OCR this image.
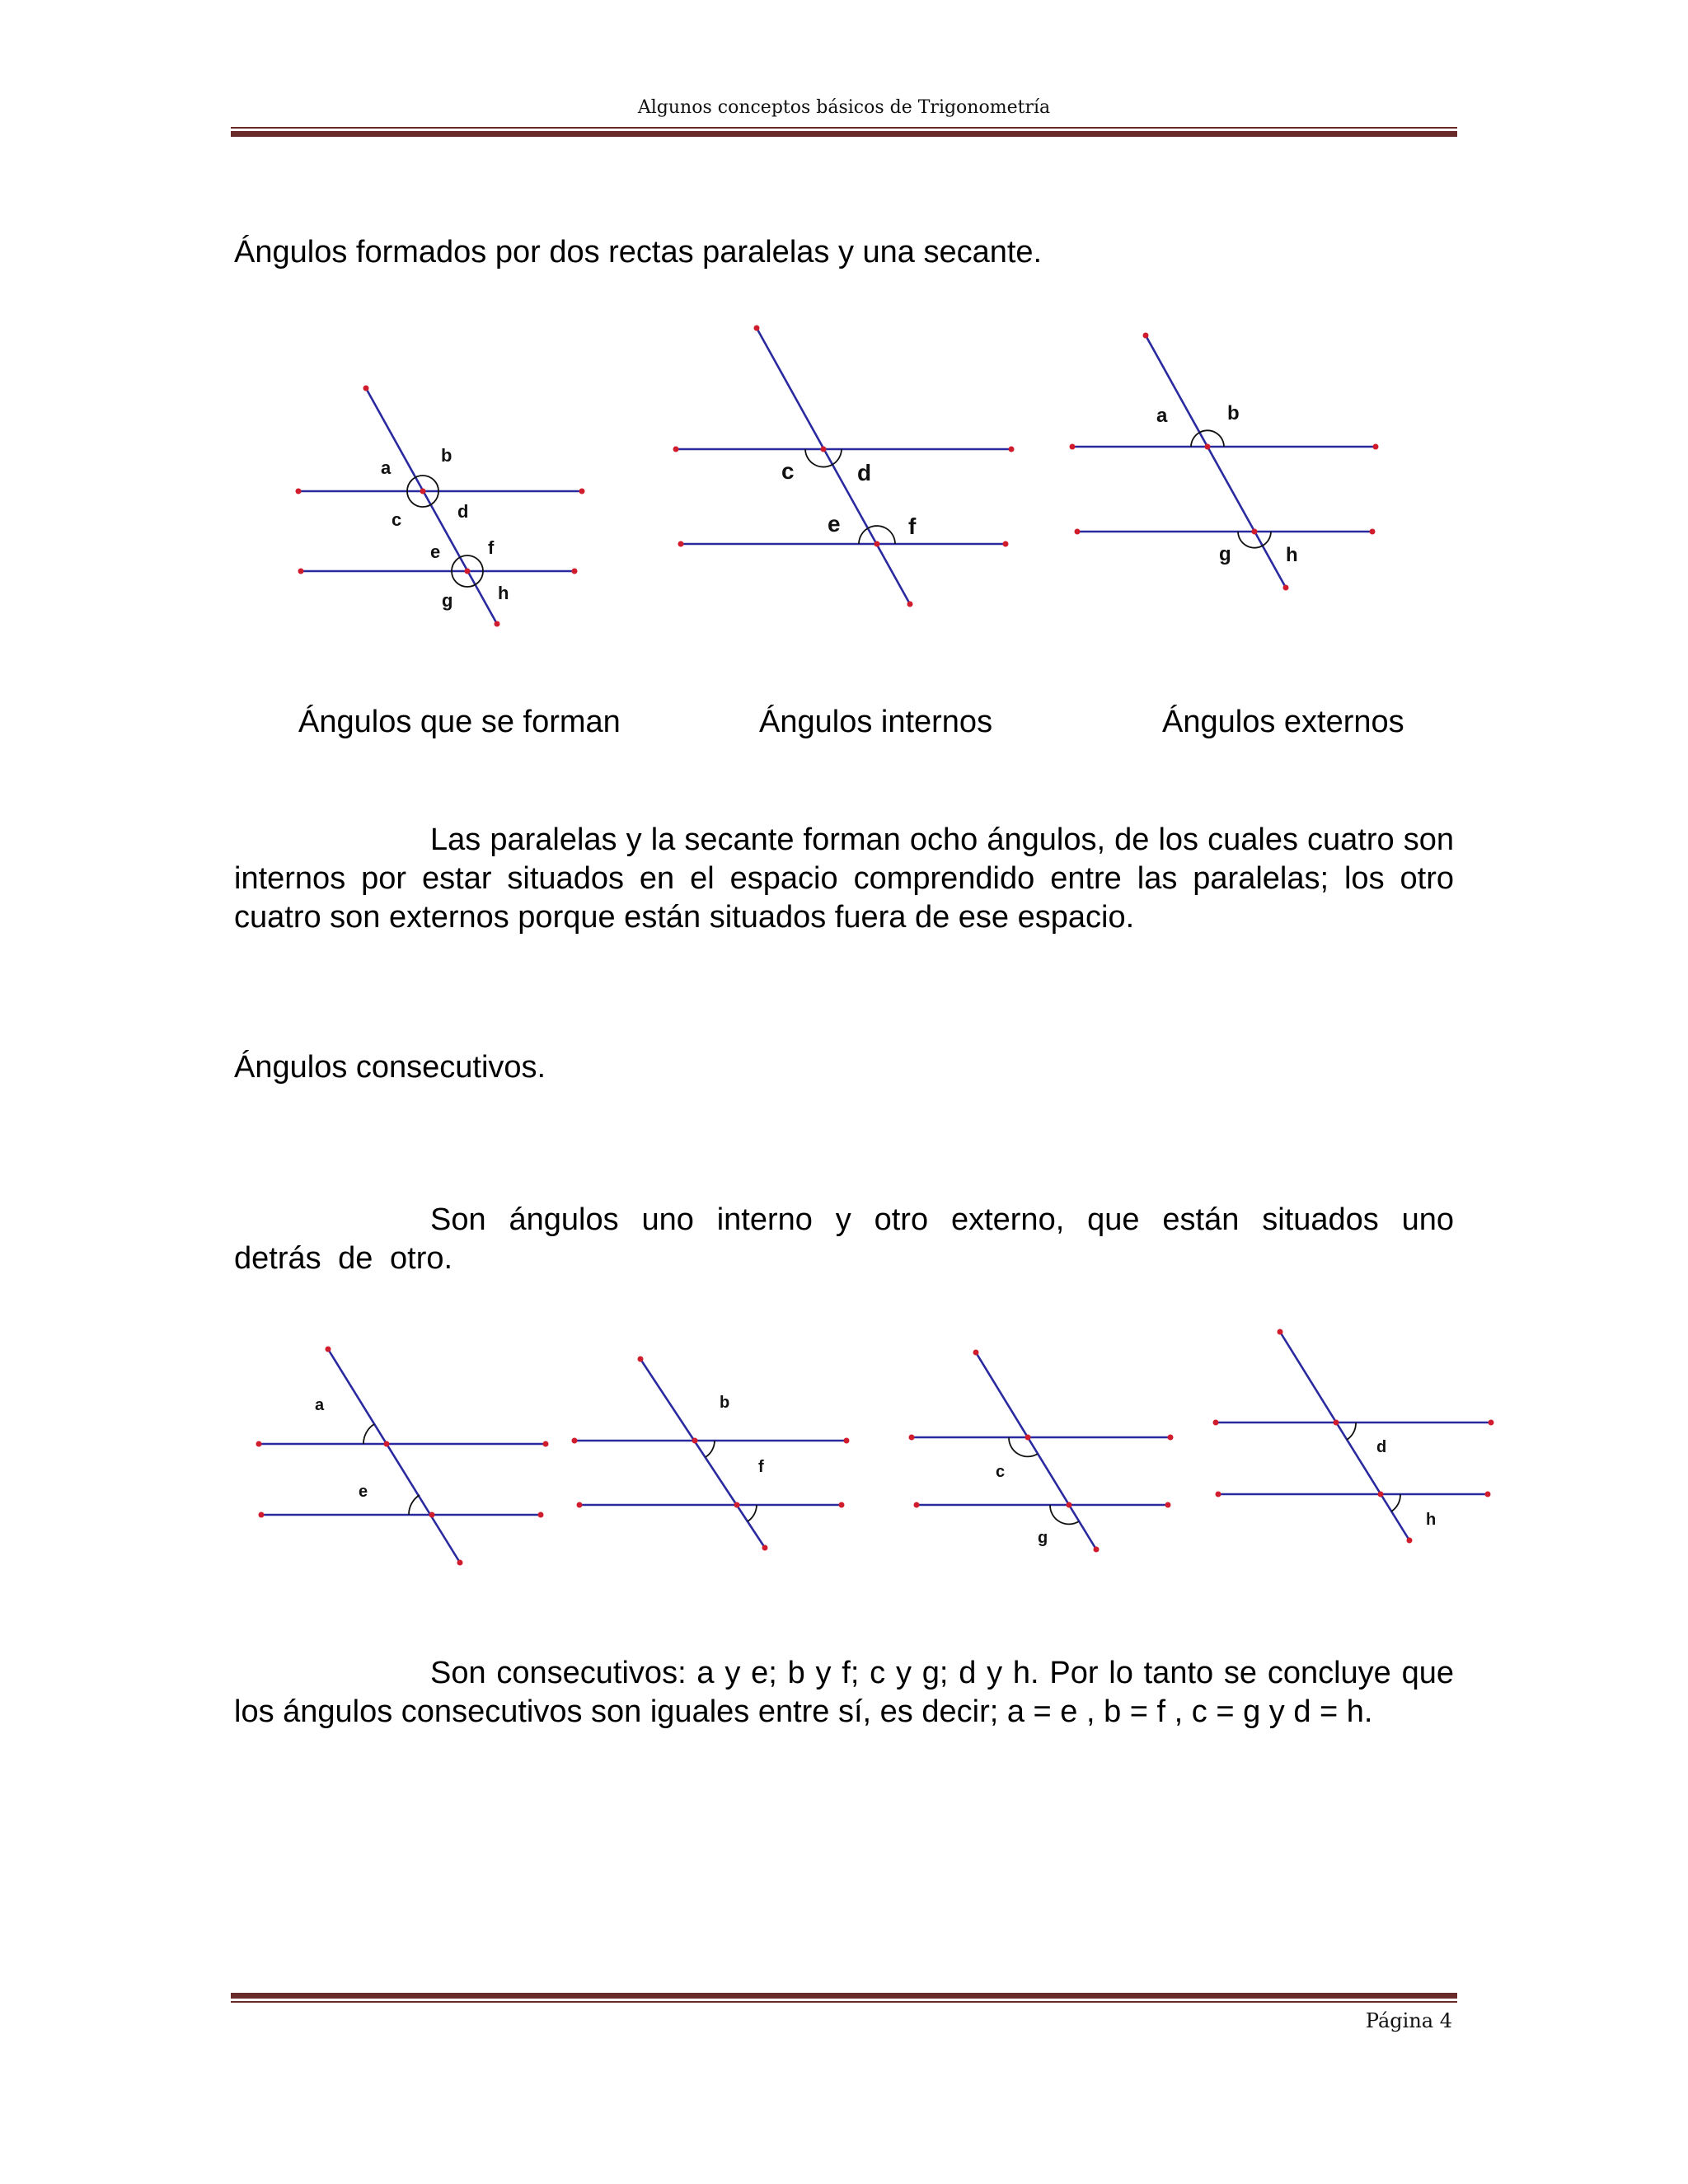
Algunos conceptos básicos de Trigonometría
Ángulos formados por dos rectas paralelas y una secante.
a
b
c	d
e	f
g h
c	d
e	f
a	b
g	h
Ángulos que se forman	Ángulos internos	Ángulos externos
Las paralelas y la secante forman ocho ángulos, de los cuales cuatro son internos por estar situados en el espacio comprendido entre las paralelas; los otro cuatro son externos porque están situados fuera de ese espacio.
Ángulos consecutivos.
Son ángulos uno interno y otro externo, que están situados uno detrás de otro.
a
e
b
f	c
g
d
h
Son consecutivos: a y e; b y f; c y g; d y h. Por lo tanto se concluye que los ángulos consecutivos son iguales entre sí, es decir; a = e , b = f , c = g y d = h.
Página 4
